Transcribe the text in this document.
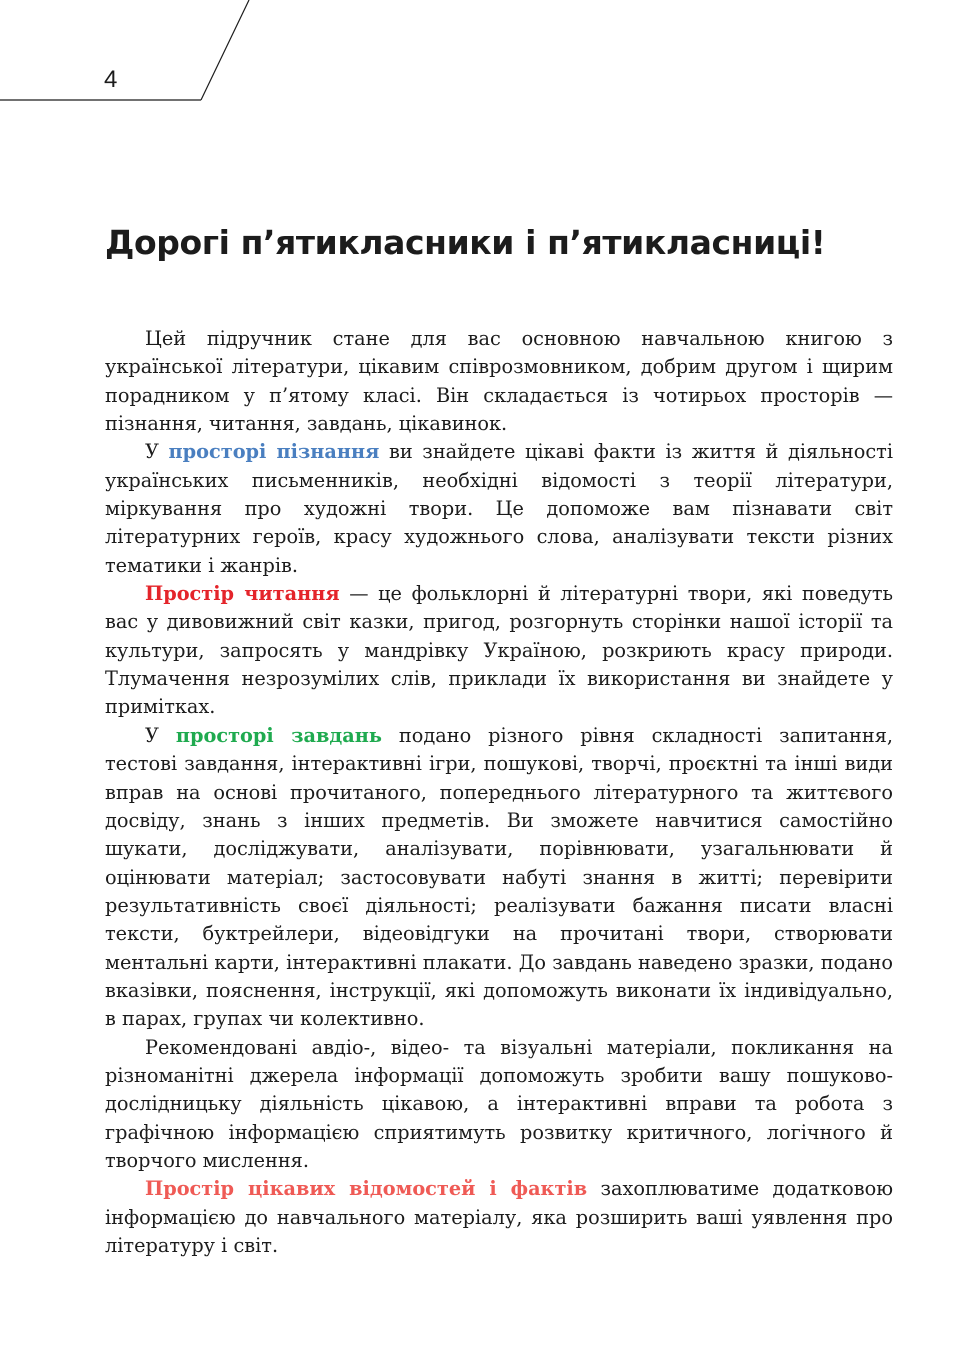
4
Дорогі п’ятикласники і п’ятикласниці!

Цей підручник стане для вас основною навчальною книгою з української літератури, цікавим співрозмовником, добрим другом і щирим порадником у п’ятому класі. Він складається із чотирьох просторів — пізнання, читання, завдань, цікавинок.

У просторі пізнання ви знайдете цікаві факти із життя й діяльності українських письменників, необхідні відомості з теорії літератури, міркування про художні твори. Це допоможе вам пізнавати світ літературних героїв, красу художнього слова, аналізувати тексти різних тематики і жанрів.

Простір читання — це фольклорні й літературні твори, які поведуть вас у дивовижний світ казки, пригод, розгорнуть сторінки нашої історії та культури, запросять у мандрівку Україною, розкриють красу природи. Тлумачення незрозумілих слів, приклади їх використання ви знайдете у примітках.

У просторі завдань подано різного рівня складності запитання, тестові завдання, інтерактивні ігри, пошукові, творчі, проєктні та інші види вправ на основі прочитаного, попереднього літературного та життєвого досвіду, знань з інших предметів. Ви зможете навчитися самостійно шукати, досліджувати, аналізувати, порівнювати, узагальнювати й оцінювати матеріал; застосовувати набуті знання в житті; перевірити результативність своєї діяльності; реалізувати бажання писати власні тексти, буктрейлери, відеовідгуки на прочитані твори, створювати ментальні карти, інтерактивні плакати. До завдань наведено зразки, подано вказівки, пояснення, інструкції, які допоможуть виконати їх індивідуально, в парах, групах чи колективно.

Рекомендовані авдіо-, відео- та візуальні матеріали, покликання на різноманітні джерела інформації допоможуть зробити вашу пошуково-дослідницьку діяльність цікавою, а інтерактивні вправи та робота з графічною інформацією сприятимуть розвитку критичного, логічного й творчого мислення.

Простір цікавих відомостей і фактів захоплюватиме додатковою інформацією до навчального матеріалу, яка розширить ваші уявлення про літературу і світ.
